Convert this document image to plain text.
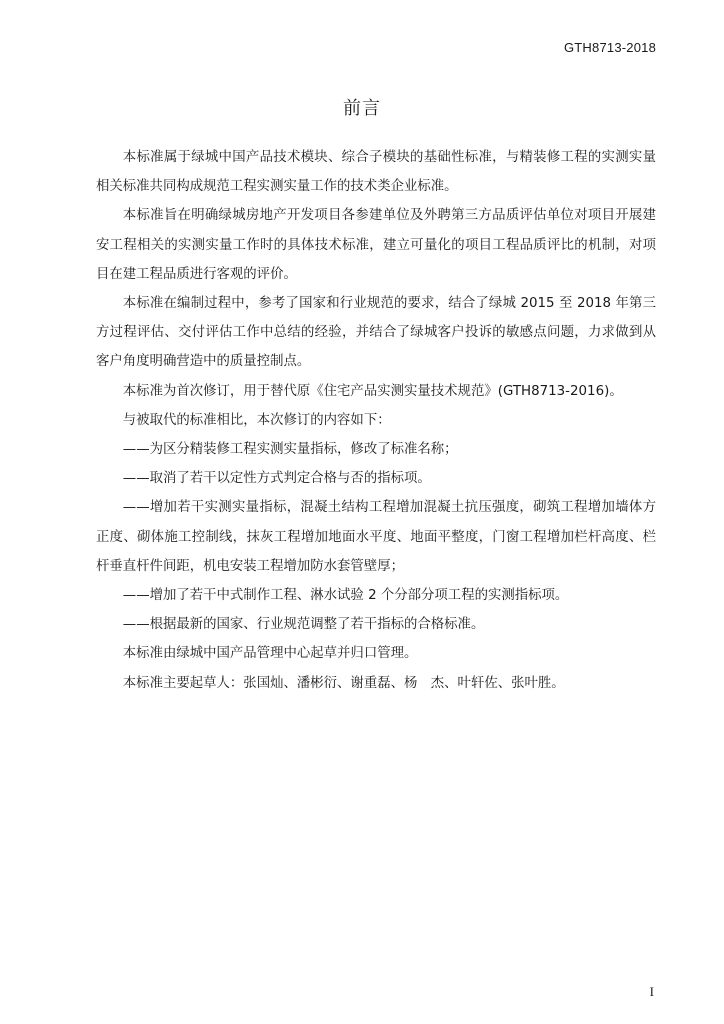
GTH8713-2018
前言

本标准属于绿城中国产品技术模块、综合子模块的基础性标准，与精装修工程的实测实量相关标准共同构成规范工程实测实量工作的技术类企业标准。

本标准旨在明确绿城房地产开发项目各参建单位及外聘第三方品质评估单位对项目开展建安工程相关的实测实量工作时的具体技术标准，建立可量化的项目工程品质评比的机制，对项目在建工程品质进行客观的评价。

本标准在编制过程中，参考了国家和行业规范的要求，结合了绿城 2015 至 2018 年第三方过程评估、交付评估工作中总结的经验，并结合了绿城客户投诉的敏感点问题，力求做到从客户角度明确营造中的质量控制点。

本标准为首次修订，用于替代原《住宅产品实测实量技术规范》(GTH8713-2016)。

与被取代的标准相比，本次修订的内容如下：

——为区分精装修工程实测实量指标，修改了标准名称；

——取消了若干以定性方式判定合格与否的指标项。

——增加若干实测实量指标，混凝土结构工程增加混凝土抗压强度，砌筑工程增加墙体方正度、砌体施工控制线，抹灰工程增加地面水平度、地面平整度，门窗工程增加栏杆高度、栏杆垂直杆件间距，机电安装工程增加防水套管壁厚；

——增加了若干中式制作工程、淋水试验 2 个分部分项工程的实测指标项。

——根据最新的国家、行业规范调整了若干指标的合格标准。

本标准由绿城中国产品管理中心起草并归口管理。

本标准主要起草人：张国灿、潘彬衍、谢重磊、杨　杰、叶轩佐、张叶胜。

I
